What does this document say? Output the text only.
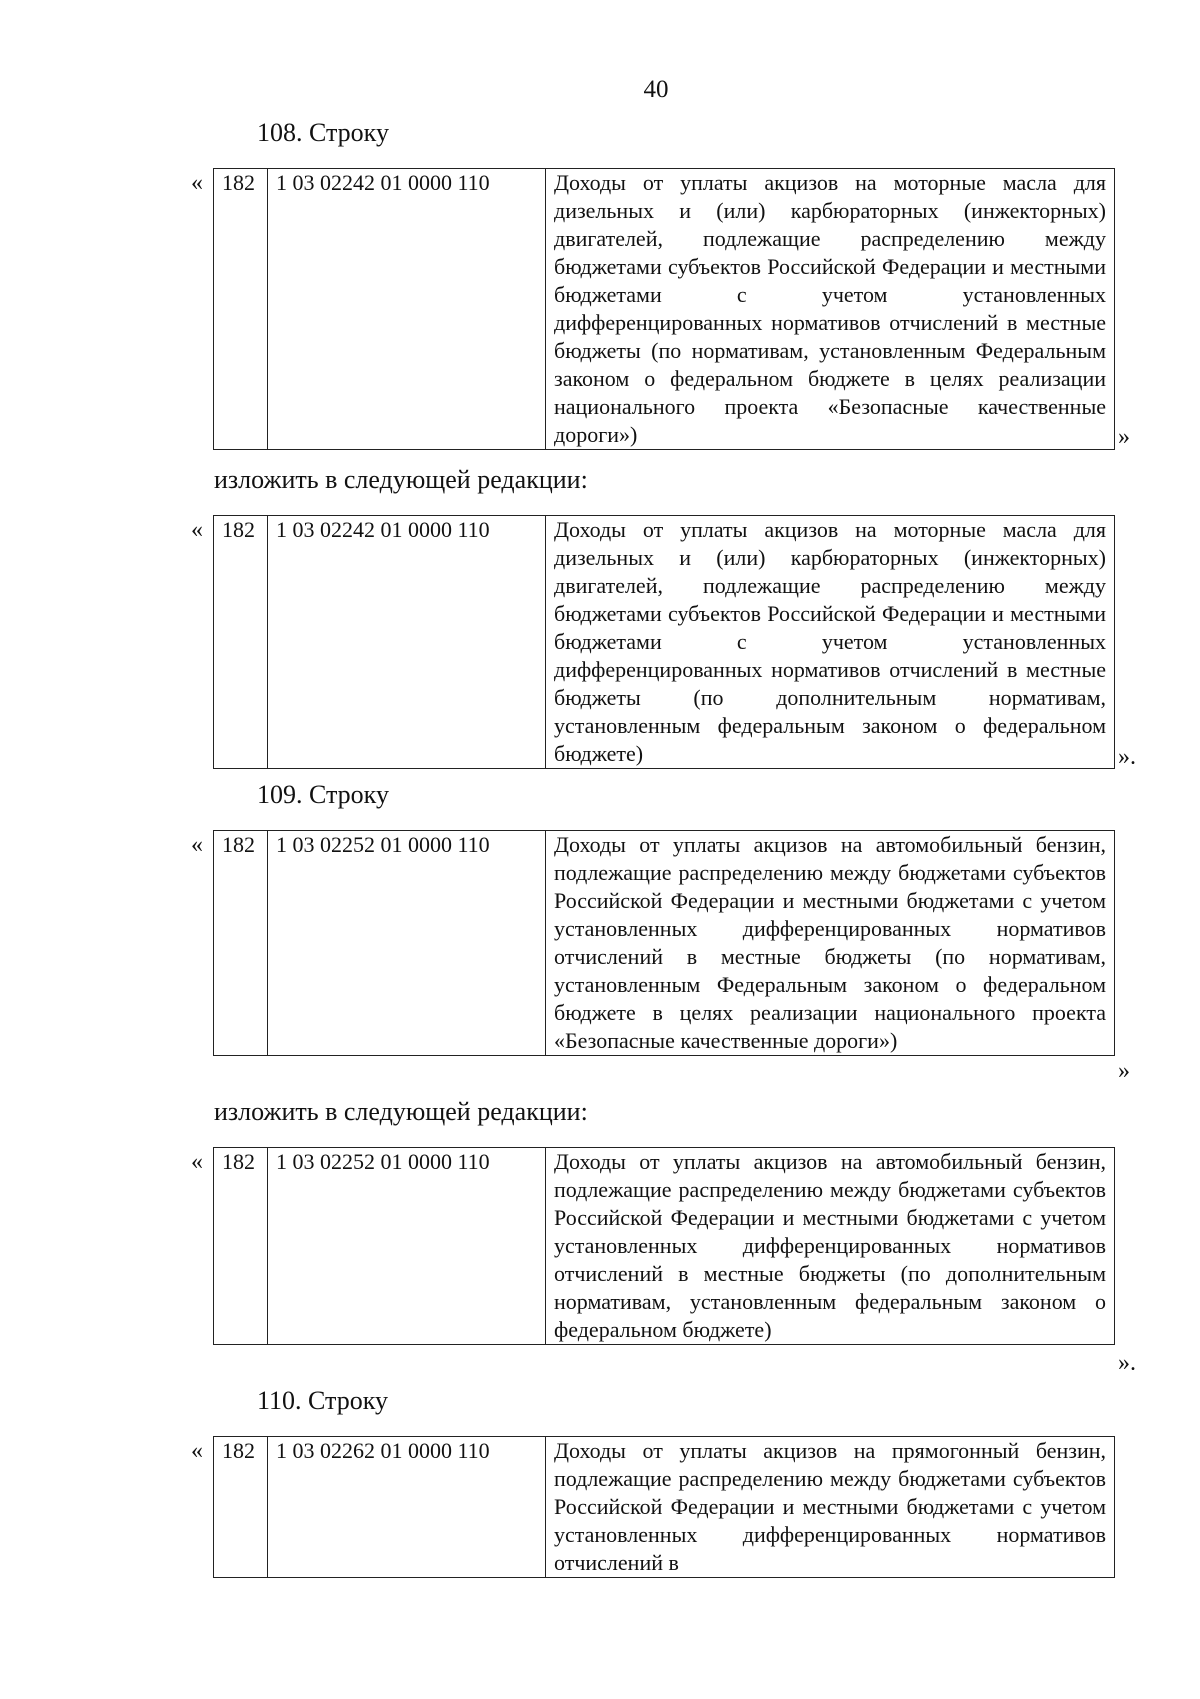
40
108. Строку
« 182	1 03 02242 01 0000 110	Доходы от уплаты акцизов на моторные масла для дизельных и (или) карбюраторных (инжекторных) двигателей, подлежащие распределению между бюджетами субъектов Российской Федерации и местными бюджетами с учетом установленных дифференцированных нормативов отчислений в местные бюджеты (по нормативам, установленным Федеральным законом о федеральном бюджете в целях реализации национального проекта «Безопасные качественные дороги»)	»
изложить в следующей редакции:
« 182	1 03 02242 01 0000 110	Доходы от уплаты акцизов на моторные масла для дизельных и (или) карбюраторных (инжекторных) двигателей, подлежащие распределению между бюджетами субъектов Российской Федерации и местными бюджетами с учетом установленных дифференцированных нормативов отчислений в местные бюджеты (по дополнительным нормативам, установленным федеральным законом о федеральном бюджете)	».
109. Строку
« 182	1 03 02252 01 0000 110	Доходы от уплаты акцизов на автомобильный бензин, подлежащие распределению между бюджетами субъектов Российской Федерации и местными бюджетами с учетом установленных дифференцированных нормативов отчислений в местные бюджеты (по нормативам, установленным Федеральным законом о федеральном бюджете в целях реализации национального проекта «Безопасные качественные дороги»)
»
изложить в следующей редакции:
« 182	1 03 02252 01 0000 110	Доходы от уплаты акцизов на автомобильный бензин, подлежащие распределению между бюджетами субъектов Российской Федерации и местными бюджетами с учетом установленных дифференцированных нормативов отчислений в местные бюджеты (по дополнительным нормативам, установленным федеральным законом о федеральном бюджете)
».
110. Строку
« 182	1 03 02262 01 0000 110	Доходы от уплаты акцизов на прямогонный бензин, подлежащие распределению между бюджетами субъектов Российской Федерации и местными бюджетами с учетом установленных дифференцированных нормативов отчислений в
